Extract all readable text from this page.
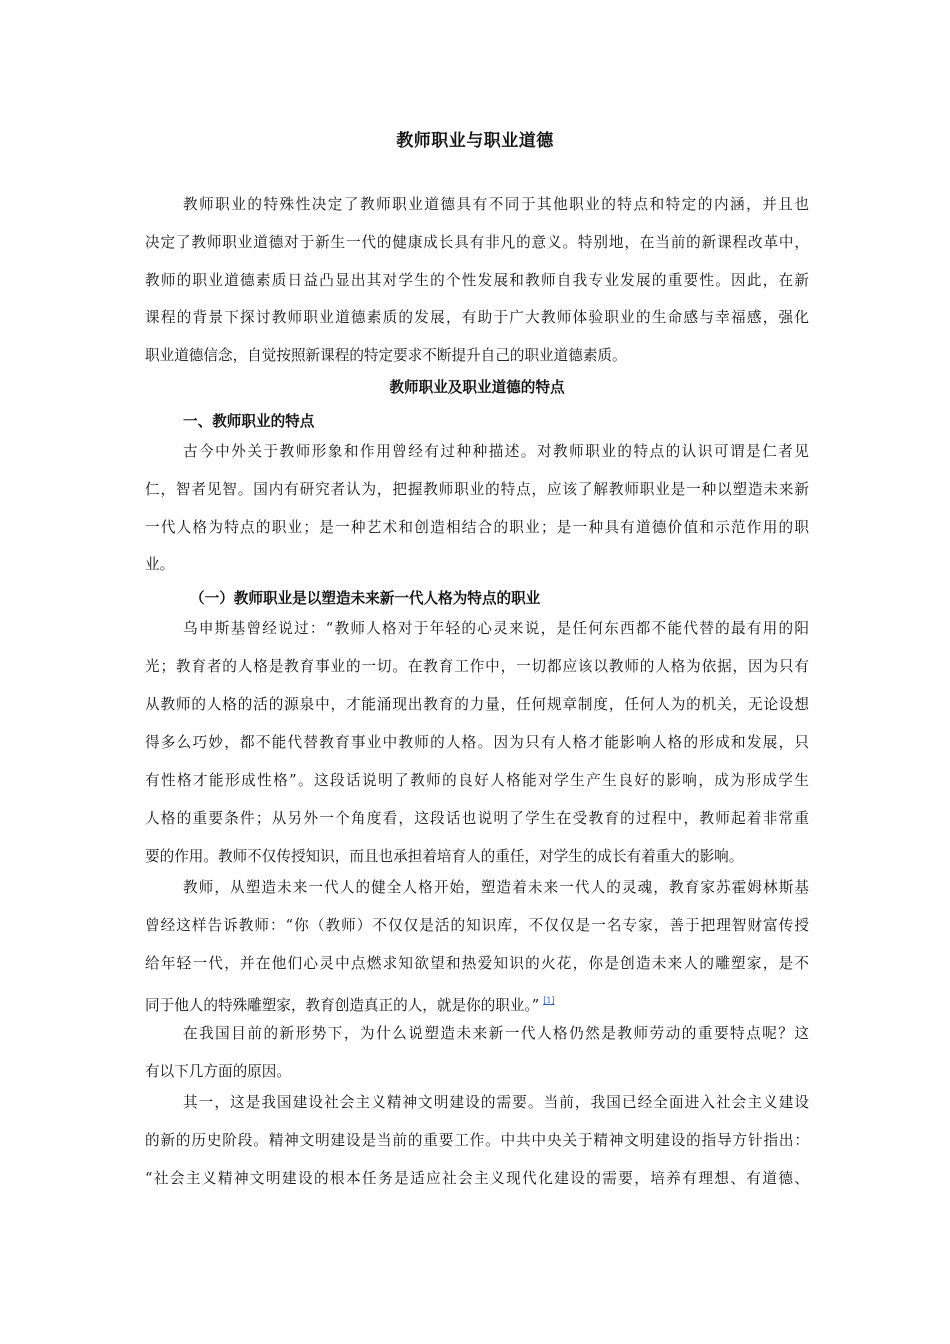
教师职业与职业道德

教师职业的特殊性决定了教师职业道德具有不同于其他职业的特点和特定的内涵，并且也

决定了教师职业道德对于新生一代的健康成长具有非凡的意义。特别地，在当前的新课程改革中，

教师的职业道德素质日益凸显出其对学生的个性发展和教师自我专业发展的重要性。因此，在新

课程的背景下探讨教师职业道德素质的发展，有助于广大教师体验职业的生命感与幸福感，强化

职业道德信念，自觉按照新课程的特定要求不断提升自己的职业道德素质。

教师职业及职业道德的特点

一、教师职业的特点

古今中外关于教师形象和作用曾经有过种种描述。对教师职业的特点的认识可谓是仁者见

仁，智者见智。国内有研究者认为，把握教师职业的特点，应该了解教师职业是一种以塑造未来新

一代人格为特点的职业；是一种艺术和创造相结合的职业；是一种具有道德价值和示范作用的职

业。

（一）教师职业是以塑造未来新一代人格为特点的职业

乌申斯基曾经说过：“教师人格对于年轻的心灵来说，是任何东西都不能代替的最有用的阳

光；教育者的人格是教育事业的一切。在教育工作中，一切都应该以教师的人格为依据，因为只有

从教师的人格的活的源泉中，才能涌现出教育的力量，任何规章制度，任何人为的机关，无论设想

得多么巧妙，都不能代替教育事业中教师的人格。因为只有人格才能影响人格的形成和发展，只

有性格才能形成性格”。这段话说明了教师的良好人格能对学生产生良好的影响，成为形成学生

人格的重要条件；从另外一个角度看，这段话也说明了学生在受教育的过程中，教师起着非常重

要的作用。教师不仅传授知识，而且也承担着培育人的重任，对学生的成长有着重大的影响。

教师，从塑造未来一代人的健全人格开始，塑造着未来一代人的灵魂，教育家苏霍姆林斯基

曾经这样告诉教师：“你（教师）不仅仅是活的知识库，不仅仅是一名专家，善于把理智财富传授

给年轻一代，并在他们心灵中点燃求知欲望和热爱知识的火花，你是创造未来人的雕塑家，是不

同于他人的特殊雕塑家，教育创造真正的人，就是你的职业。” [1]

在我国目前的新形势下，为什么说塑造未来新一代人格仍然是教师劳动的重要特点呢？这

有以下几方面的原因。

其一，这是我国建设社会主义精神文明建设的需要。当前，我国已经全面进入社会主义建设

的新的历史阶段。精神文明建设是当前的重要工作。中共中央关于精神文明建设的指导方针指出：

“社会主义精神文明建设的根本任务是适应社会主义现代化建设的需要，培养有理想、有道德、
